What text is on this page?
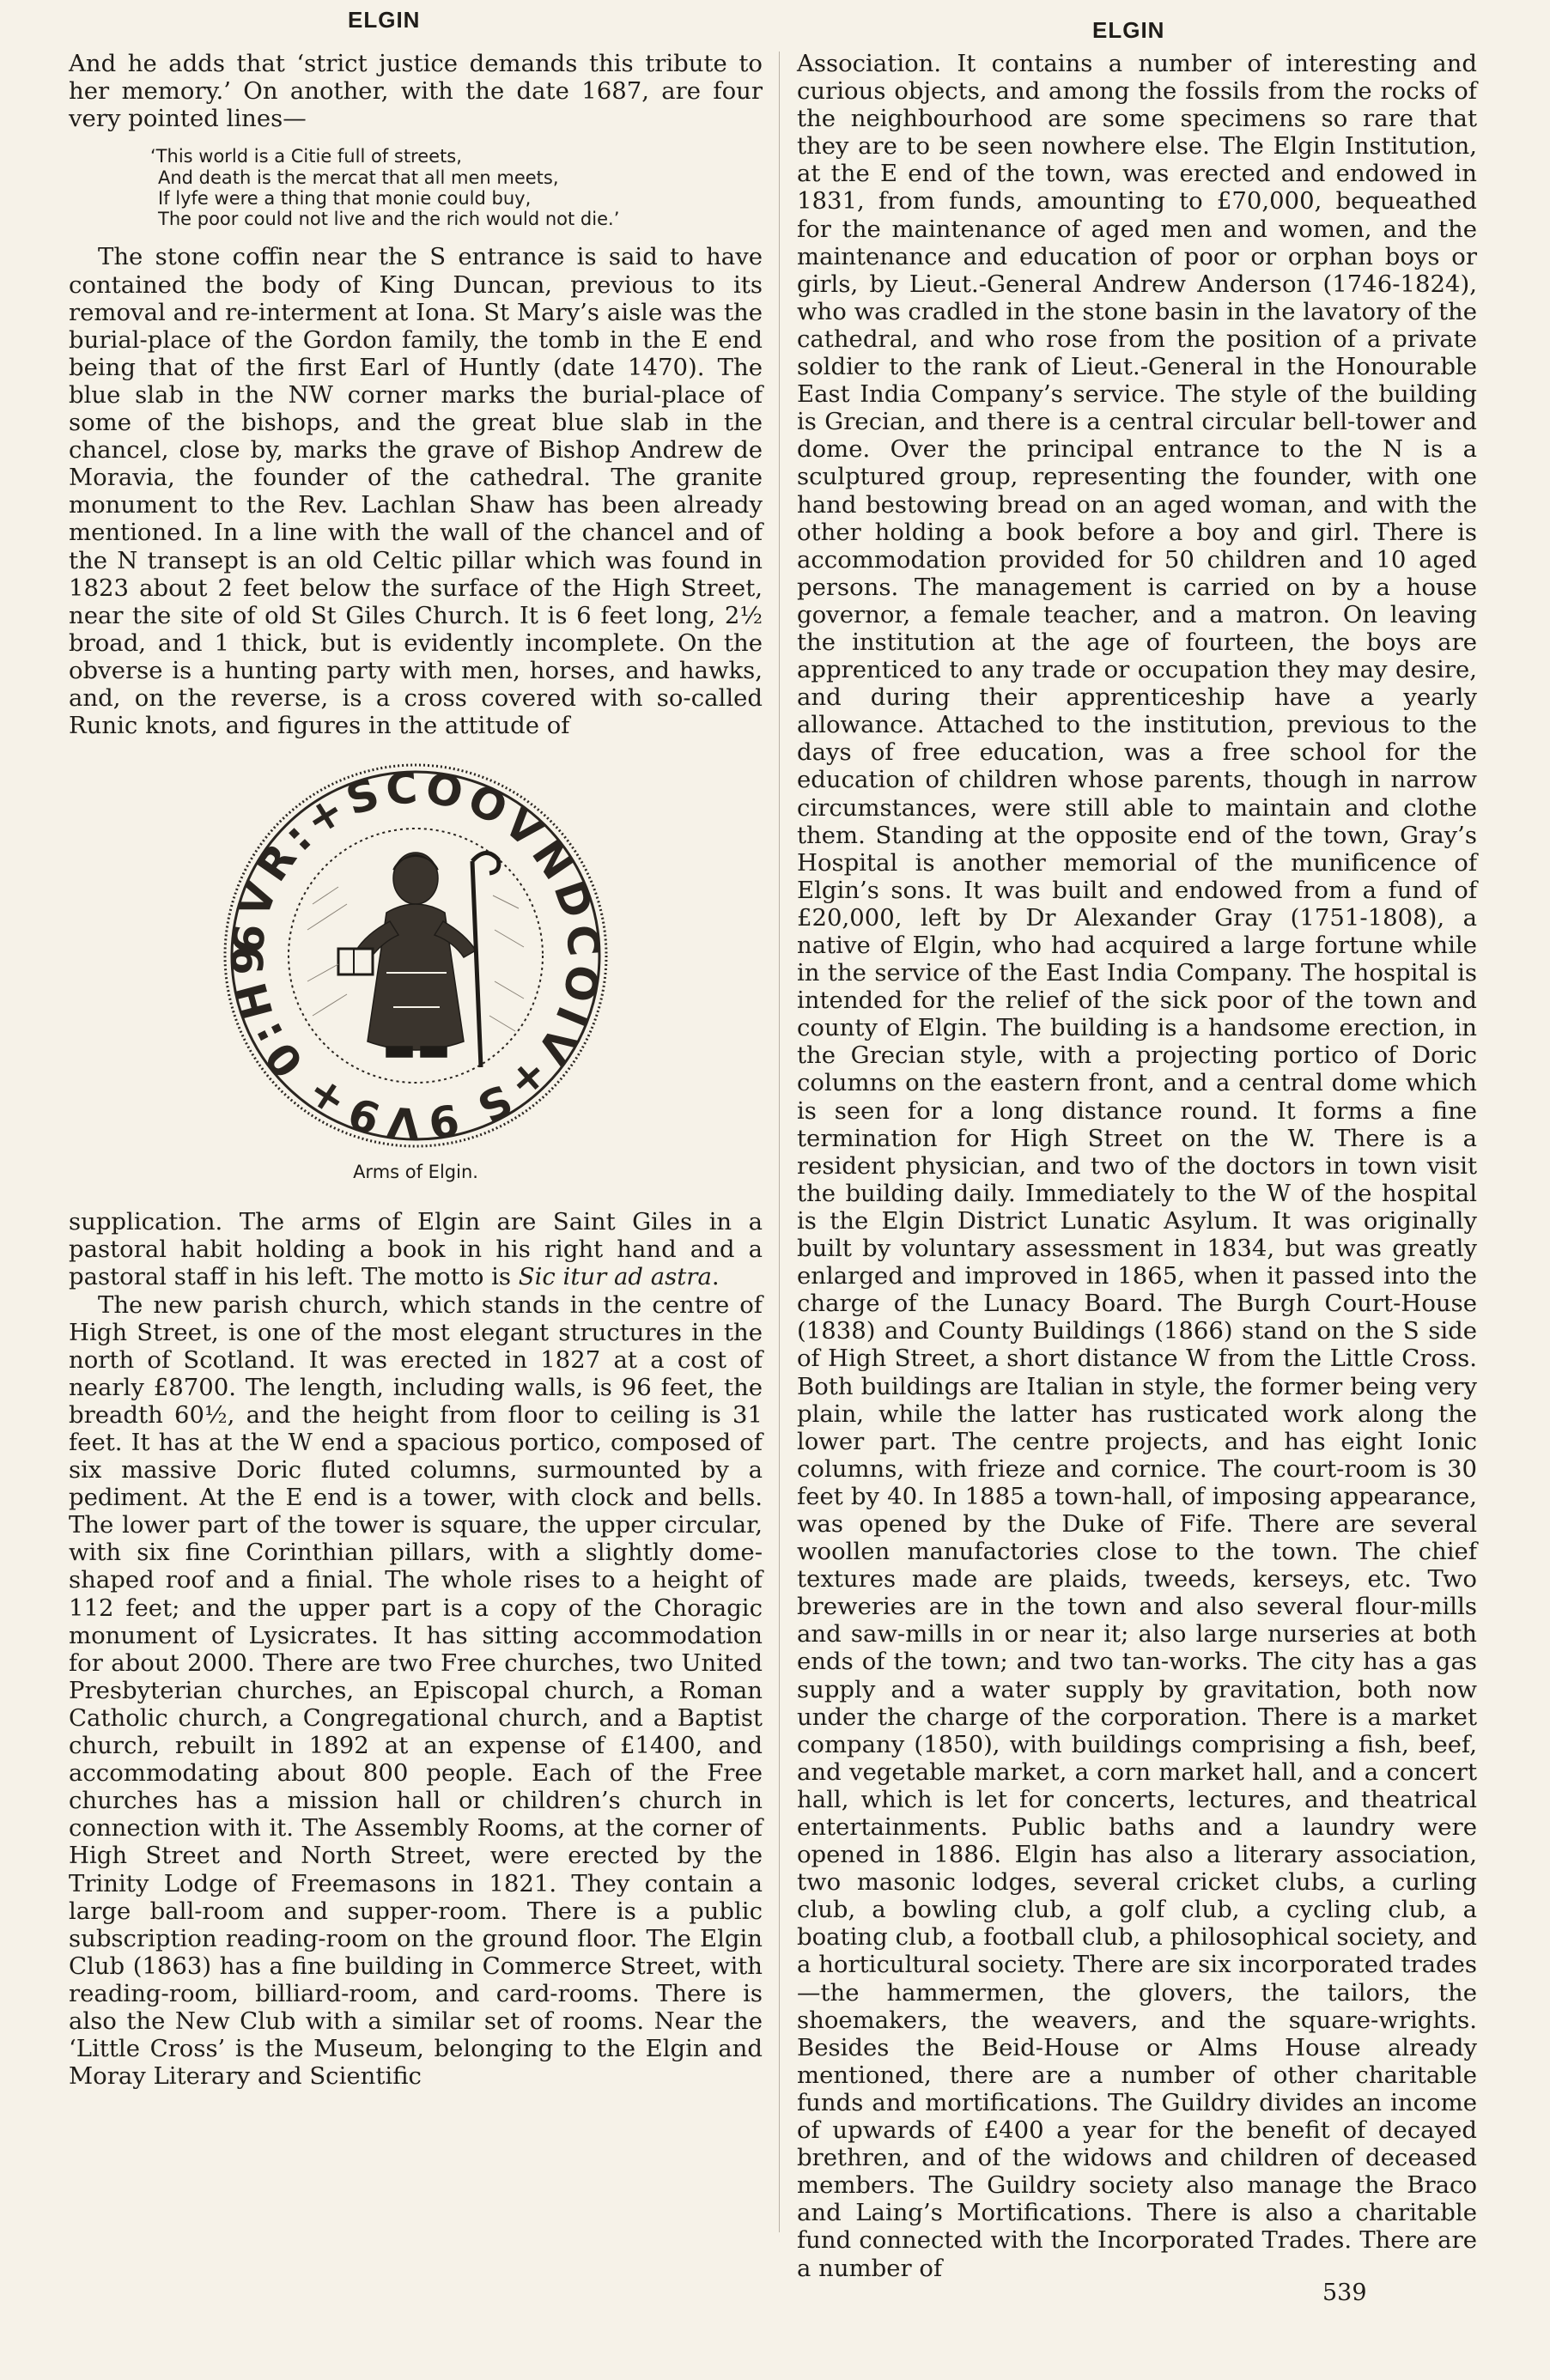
ELGIN	ELGIN

And he adds that ‘strict justice demands this tribute to her memory.’ On another, with the date 1687, are four very pointed lines—

‘This world is a Citie full of streets,
And death is the mercat that all men meets,
If lyfe were a thing that monie could buy,
The poor could not live and the rich would not die.’

The stone coffin near the S entrance is said to have contained the body of King Duncan, previous to its removal and re-interment at Iona. St Mary’s aisle was the burial-place of the Gordon family, the tomb in the E end being that of the first Earl of Huntly (date 1470). The blue slab in the NW corner marks the burial-place of some of the bishops, and the great blue slab in the chancel, close by, marks the grave of Bishop Andrew de Moravia, the founder of the cathedral. The granite monument to the Rev. Lachlan Shaw has been already mentioned. In a line with the wall of the chancel and of the N transept is an old Celtic pillar which was found in 1823 about 2 feet below the surface of the High Street, near the site of old St Giles Church. It is 6 feet long, 2½ broad, and 1 thick, but is evidently incomplete. On the obverse is a hunting party with men, horses, and hawks, and, on the reverse, is a cross covered with so-called Runic knots, and figures in the attitude of

6VR:+SCOOVNDCOIV+S 9V9+ 0:H9
Arms of Elgin.

supplication. The arms of Elgin are Saint Giles in a pastoral habit holding a book in his right hand and a pastoral staff in his left. The motto is Sic itur ad astra.

The new parish church, which stands in the centre of High Street, is one of the most elegant structures in the north of Scotland. It was erected in 1827 at a cost of nearly £8700. The length, including walls, is 96 feet, the breadth 60½, and the height from floor to ceiling is 31 feet. It has at the W end a spacious portico, composed of six massive Doric fluted columns, surmounted by a pediment. At the E end is a tower, with clock and bells. The lower part of the tower is square, the upper circular, with six fine Corinthian pillars, with a slightly dome-shaped roof and a finial. The whole rises to a height of 112 feet; and the upper part is a copy of the Choragic monument of Lysicrates. It has sitting accommodation for about 2000. There are two Free churches, two United Presbyterian churches, an Episcopal church, a Roman Catholic church, a Congregational church, and a Baptist church, rebuilt in 1892 at an expense of £1400, and accommodating about 800 people. Each of the Free churches has a mission hall or children’s church in connection with it. The Assembly Rooms, at the corner of High Street and North Street, were erected by the Trinity Lodge of Freemasons in 1821. They contain a large ball-room and supper-room. There is a public subscription reading-room on the ground floor. The Elgin Club (1863) has a fine building in Commerce Street, with reading-room, billiard-room, and card-rooms. There is also the New Club with a similar set of rooms. Near the ‘Little Cross’ is the Museum, belonging to the Elgin and Moray Literary and Scientific

Association. It contains a number of interesting and curious objects, and among the fossils from the rocks of the neighbourhood are some specimens so rare that they are to be seen nowhere else. The Elgin Institution, at the E end of the town, was erected and endowed in 1831, from funds, amounting to £70,000, bequeathed for the maintenance of aged men and women, and the maintenance and education of poor or orphan boys or girls, by Lieut.-General Andrew Anderson (1746-1824), who was cradled in the stone basin in the lavatory of the cathedral, and who rose from the position of a private soldier to the rank of Lieut.-General in the Honourable East India Company’s service. The style of the building is Grecian, and there is a central circular bell-tower and dome. Over the principal entrance to the N is a sculptured group, representing the founder, with one hand bestowing bread on an aged woman, and with the other holding a book before a boy and girl. There is accommodation provided for 50 children and 10 aged persons. The management is carried on by a house governor, a female teacher, and a matron. On leaving the institution at the age of fourteen, the boys are apprenticed to any trade or occupation they may desire, and during their apprenticeship have a yearly allowance. Attached to the institution, previous to the days of free education, was a free school for the education of children whose parents, though in narrow circumstances, were still able to maintain and clothe them. Standing at the opposite end of the town, Gray’s Hospital is another memorial of the munificence of Elgin’s sons. It was built and endowed from a fund of £20,000, left by Dr Alexander Gray (1751-1808), a native of Elgin, who had acquired a large fortune while in the service of the East India Company. The hospital is intended for the relief of the sick poor of the town and county of Elgin. The building is a handsome erection, in the Grecian style, with a projecting portico of Doric columns on the eastern front, and a central dome which is seen for a long distance round. It forms a fine termination for High Street on the W. There is a resident physician, and two of the doctors in town visit the building daily. Immediately to the W of the hospital is the Elgin District Lunatic Asylum. It was originally built by voluntary assessment in 1834, but was greatly enlarged and improved in 1865, when it passed into the charge of the Lunacy Board. The Burgh Court-House (1838) and County Buildings (1866) stand on the S side of High Street, a short distance W from the Little Cross. Both buildings are Italian in style, the former being very plain, while the latter has rusticated work along the lower part. The centre projects, and has eight Ionic columns, with frieze and cornice. The court-room is 30 feet by 40. In 1885 a town-hall, of imposing appearance, was opened by the Duke of Fife. There are several woollen manufactories close to the town. The chief textures made are plaids, tweeds, kerseys, etc. Two breweries are in the town and also several flour-mills and saw-mills in or near it; also large nurseries at both ends of the town; and two tan-works. The city has a gas supply and a water supply by gravitation, both now under the charge of the corporation. There is a market company (1850), with buildings comprising a fish, beef, and vegetable market, a corn market hall, and a concert hall, which is let for concerts, lectures, and theatrical entertainments. Public baths and a laundry were opened in 1886. Elgin has also a literary association, two masonic lodges, several cricket clubs, a curling club, a bowling club, a golf club, a cycling club, a boating club, a football club, a philosophical society, and a horticultural society. There are six incorporated trades—the hammermen, the glovers, the tailors, the shoemakers, the weavers, and the square-wrights. Besides the Beid-House or Alms House already mentioned, there are a number of other charitable funds and mortifications. The Guildry divides an income of upwards of £400 a year for the benefit of decayed brethren, and of the widows and children of deceased members. The Guildry society also manage the Braco and Laing’s Mortifications. There is also a charitable fund connected with the Incorporated Trades. There are a number of

539
